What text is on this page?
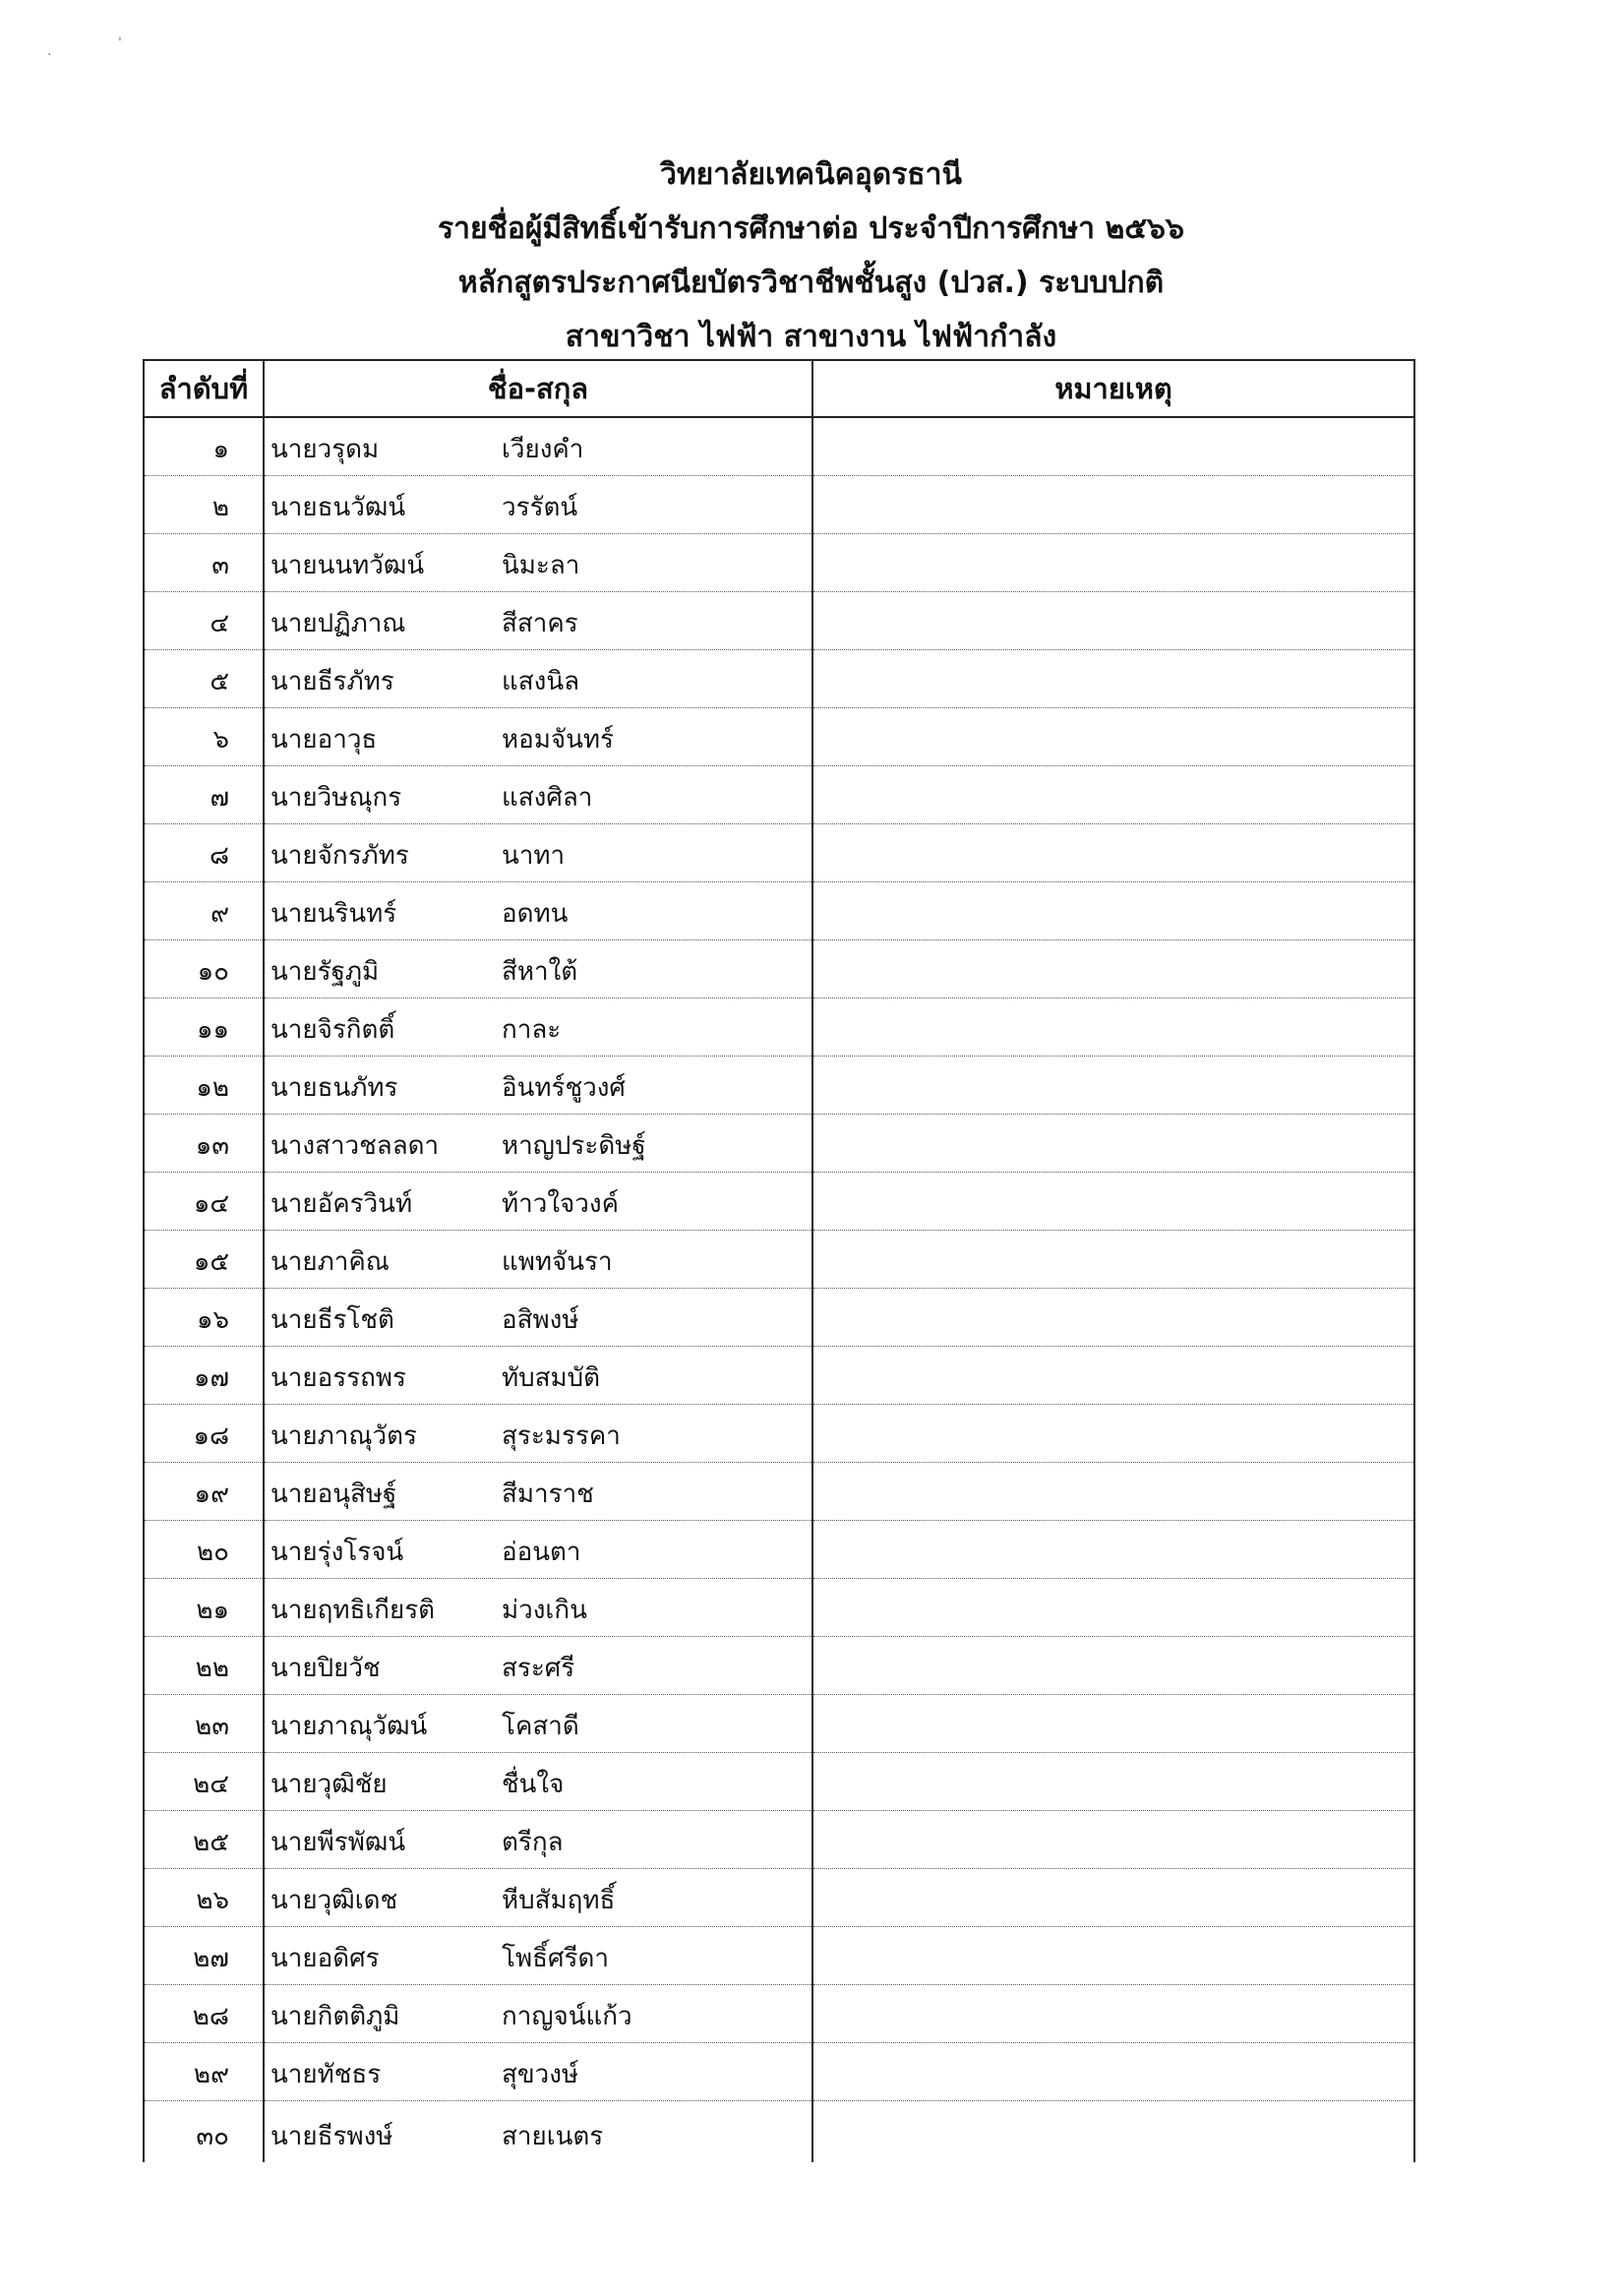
.	'
วิทยาลัยเทคนิคอุดรธานี
รายชื่อผู้มีสิทธิ์เข้ารับการศึกษาต่อ ประจำปีการศึกษา ๒๕๖๖
หลักสูตรประกาศนียบัตรวิชาชีพชั้นสูง (ปวส.) ระบบปกติ
สาขาวิชา ไฟฟ้า สาขางาน ไฟฟ้ากำลัง
ลำดับที่	ชื่อ-สกุล	หมายเหตุ
๑	นายวรุดม เวียงคำ	
๒	นายธนวัฒน์ วรรัตน์	
๓	นายนนทวัฒน์ นิมะลา	
๔	นายปฏิภาณ สีสาคร	
๕	นายธีรภัทร แสงนิล	
๖	นายอาวุธ หอมจันทร์	
๗	นายวิษณุกร แสงศิลา	
๘	นายจักรภัทร นาทา	
๙	นายนรินทร์ อดทน	
๑๐	นายรัฐภูมิ สีหาใต้	
๑๑	นายจิรกิตติ์ กาละ	
๑๒	นายธนภัทร อินทร์ชูวงศ์	
๑๓	นางสาวชลลดา หาญประดิษฐ์	
๑๔	นายอัครวินท์ ท้าวใจวงค์	
๑๕	นายภาคิณ แพทจันรา	
๑๖	นายธีรโชติ อสิพงษ์	
๑๗	นายอรรถพร ทับสมบัติ	
๑๘	นายภาณุวัตร สุระมรรคา	
๑๙	นายอนุสิษฐ์ สีมาราช	
๒๐	นายรุ่งโรจน์ อ่อนตา	
๒๑	นายฤทธิเกียรติ ม่วงเกิน	
๒๒	นายปิยวัช สระศรี	
๒๓	นายภาณุวัฒน์ โคสาดี	
๒๔	นายวุฒิชัย ชื่นใจ	
๒๕	นายพีรพัฒน์ ตรีกุล	
๒๖	นายวุฒิเดช หีบสัมฤทธิ์	
๒๗	นายอดิศร โพธิ์ศรีดา	
๒๘	นายกิตติภูมิ กาญจน์แก้ว	
๒๙	นายทัชธร สุขวงษ์	
๓๐	นายธีรพงษ์ สายเนตร	
